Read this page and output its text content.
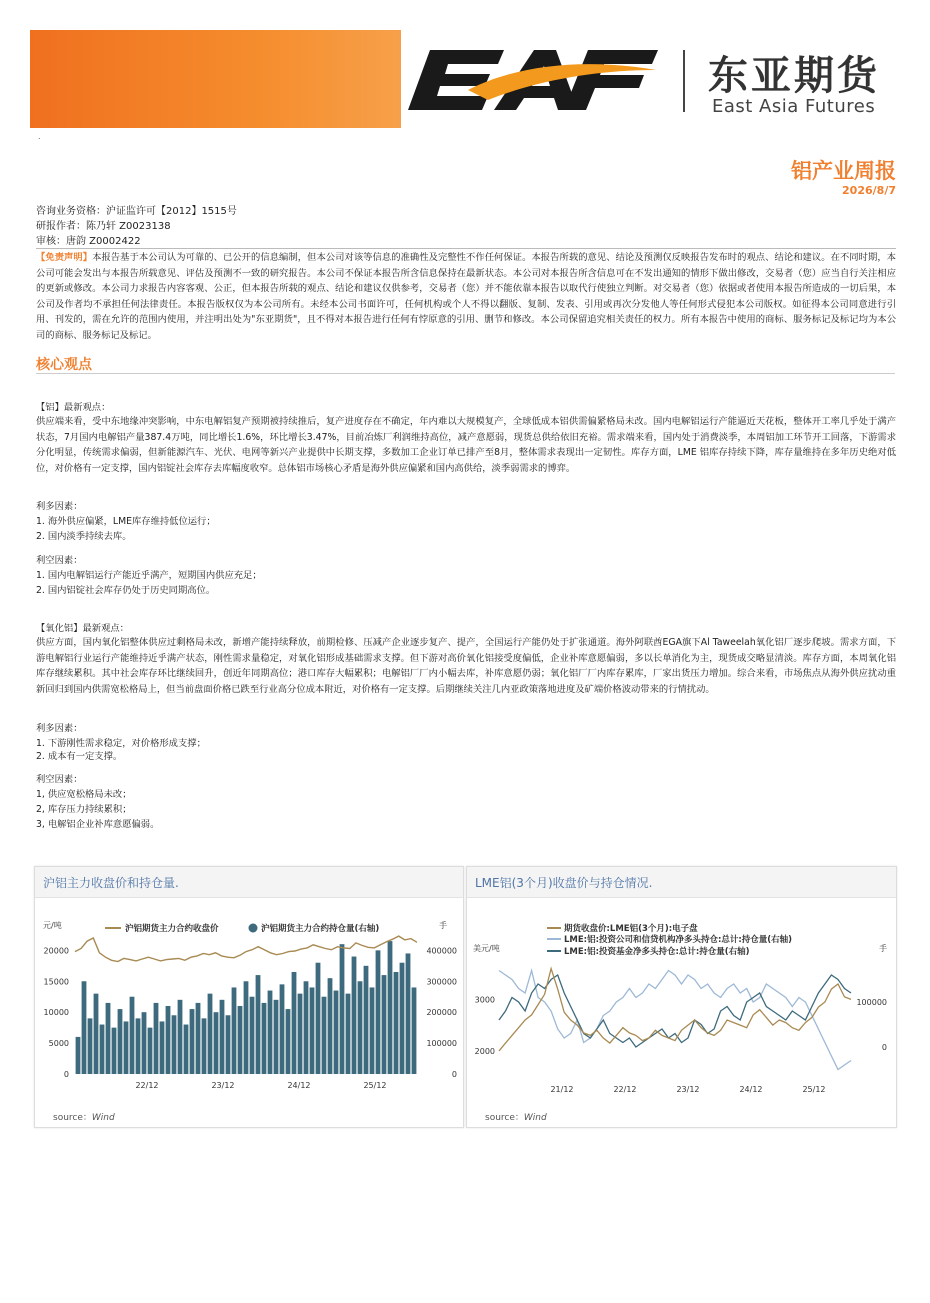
东亚期货
East Asia Futures
.
铝产业周报
2026/8/7
咨询业务资格：沪证监许可【2012】1515号
研报作者：陈乃轩 Z0023138
审核：唐韵 Z0002422
【免责声明】本报告基于本公司认为可靠的、已公开的信息编制，但本公司对该等信息的准确性及完整性不作任何保证。本报告所载的意见、结论及预测仅反映报告发布时的观点、结论和建议。在不同时期，本公司可能会发出与本报告所载意见、评估及预测不一致的研究报告。本公司不保证本报告所含信息保持在最新状态。本公司对本报告所含信息可在不发出通知的情形下做出修改，交易者（您）应当自行关注相应的更新或修改。本公司力求报告内容客观、公正，但本报告所载的观点、结论和建议仅供参考，交易者（您）并不能依靠本报告以取代行使独立判断。对交易者（您）依据或者使用本报告所造成的一切后果，本公司及作者均不承担任何法律责任。本报告版权仅为本公司所有。未经本公司书面许可，任何机构或个人不得以翻版、复制、发表、引用或再次分发他人等任何形式侵犯本公司版权。如征得本公司同意进行引用、刊发的，需在允许的范围内使用，并注明出处为"东亚期货"，且不得对本报告进行任何有悖原意的引用、删节和修改。本公司保留追究相关责任的权力。所有本报告中使用的商标、服务标记及标记均为本公司的商标、服务标记及标记。
核心观点
【铝】最新观点：
供应端来看，受中东地缘冲突影响，中东电解铝复产预期被持续推后，复产进度存在不确定，年内难以大规模复产，全球低成本铝供需偏紧格局未改。国内电解铝运行产能逼近天花板，整体开工率几乎处于满产状态，7月国内电解铝产量387.4万吨，同比增长1.6%，环比增长3.47%，目前冶炼厂利润维持高位，减产意愿弱，现货总供给依旧充裕。需求端来看，国内处于消费淡季，本周铝加工环节开工回落，下游需求分化明显，传统需求偏弱，但新能源汽车、光伏、电网等新兴产业提供中长期支撑，多数加工企业订单已排产至8月，整体需求表现出一定韧性。库存方面，LME 铝库存持续下降，库存量维持在多年历史绝对低位，对价格有一定支撑，国内铝锭社会库存去库幅度收窄。总体铝市场核心矛盾是海外供应偏紧和国内高供给，淡季弱需求的博弈。
利多因素：
1. 海外供应偏紧，LME库存维持低位运行；
2. 国内淡季持续去库。
利空因素：
1. 国内电解铝运行产能近乎满产，短期国内供应充足；
2. 国内铝锭社会库存仍处于历史同期高位。
【氧化铝】最新观点：
供应方面，国内氧化铝整体供应过剩格局未改，新增产能持续释放，前期检修、压减产企业逐步复产、提产，全国运行产能仍处于扩张通道。海外阿联酋EGA旗下Al Taweelah氧化铝厂逐步爬坡。需求方面，下游电解铝行业运行产能维持近乎满产状态，刚性需求量稳定，对氧化铝形成基础需求支撑。但下游对高价氧化铝接受度偏低，企业补库意愿偏弱，多以长单消化为主，现货成交略显清淡。库存方面，本周氧化铝库存继续累积。其中社会库存环比继续回升，创近年同期高位；港口库存大幅累积；电解铝厂厂内小幅去库，补库意愿仍弱；氧化铝厂厂内库存累库，厂家出货压力增加。综合来看，市场焦点从海外供应扰动重新回归到国内供需宽松格局上，但当前盘面价格已跌至行业高分位成本附近，对价格有一定支撑。后期继续关注几内亚政策落地进度及矿端价格波动带来的行情扰动。
利多因素：
1. 下游刚性需求稳定，对价格形成支撑；
2. 成本有一定支撑。
利空因素：
1, 供应宽松格局未改；
2, 库存压力持续累积；
3, 电解铝企业补库意愿偏弱。
沪铝主力收盘价和持仓量.
元/吨	手
沪铝期货主力合约收盘价	沪铝期货主力合约持仓量(右轴)
0
5000
10000
15000
20000
0
100000
200000
300000
400000
22/12	23/12	24/12	25/12
source：Wind
LME铝(3个月)收盘价与持仓情况.
期货收盘价:LME铝(3个月):电子盘
LME:铝:投资公司和信贷机构净多头持仓:总计:持仓量(右轴)
LME:铝:投资基金净多头持仓:总计:持仓量(右轴)
美元/吨	手
2000
3000
0
100000
21/12	22/12	23/12	24/12	25/12
source：Wind
